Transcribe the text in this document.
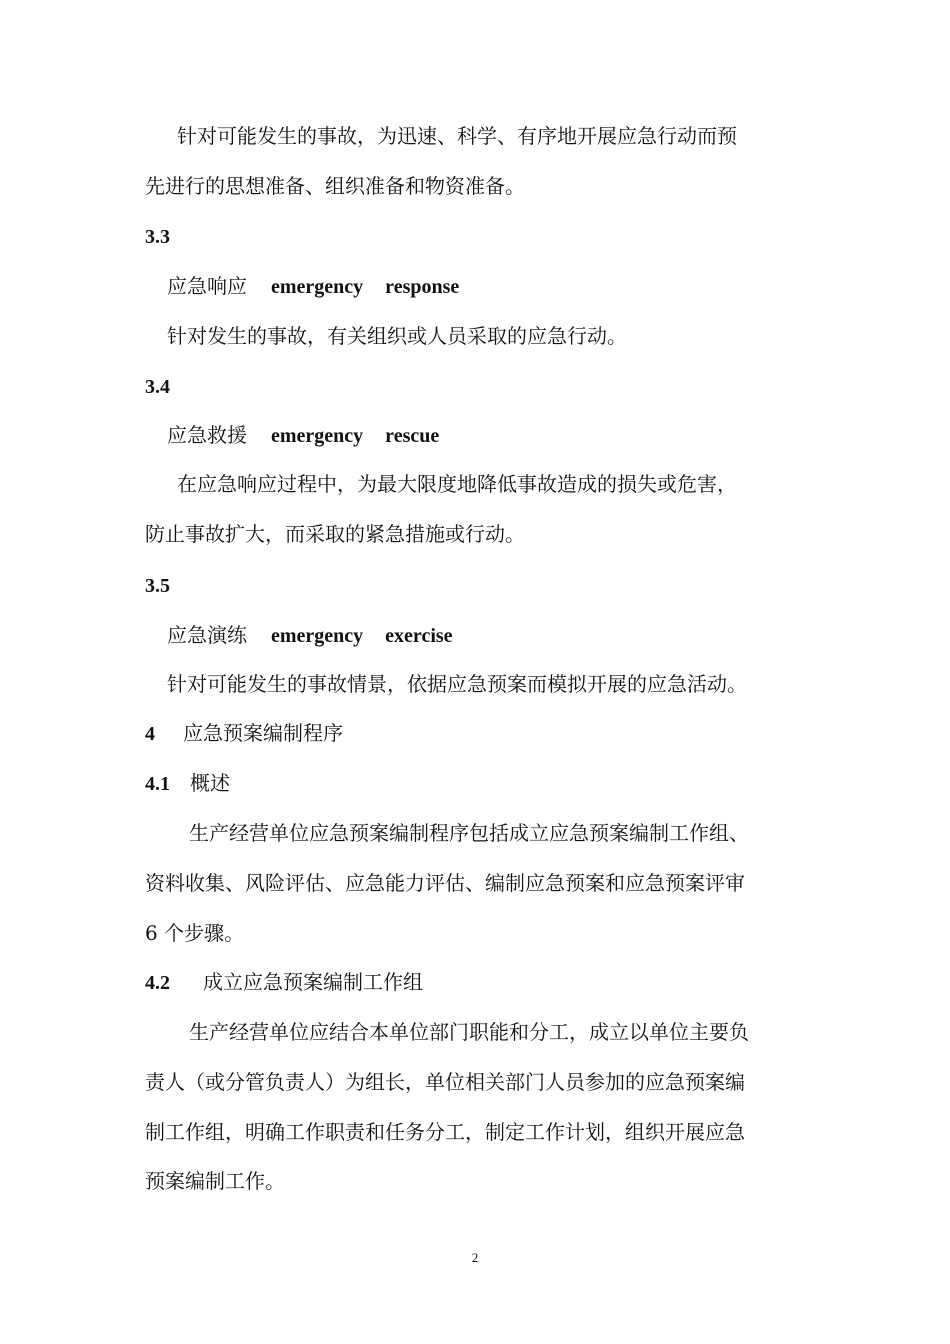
针对可能发生的事故，为迅速、科学、有序地开展应急行动而预
先进行的思想准备、组织准备和物资准备。
3.3
应急响应 emergency response
针对发生的事故，有关组织或人员采取的应急行动。
3.4
应急救援 emergency rescue
在应急响应过程中，为最大限度地降低事故造成的损失或危害，
防止事故扩大，而采取的紧急措施或行动。
3.5
应急演练 emergency exercise
针对可能发生的事故情景，依据应急预案而模拟开展的应急活动。
4 应急预案编制程序
4.1 概述
生产经营单位应急预案编制程序包括成立应急预案编制工作组、
资料收集、风险评估、应急能力评估、编制应急预案和应急预案评审
6 个步骤。
4.2 成立应急预案编制工作组
生产经营单位应结合本单位部门职能和分工，成立以单位主要负
责人（或分管负责人）为组长，单位相关部门人员参加的应急预案编
制工作组，明确工作职责和任务分工，制定工作计划，组织开展应急
预案编制工作。
2
